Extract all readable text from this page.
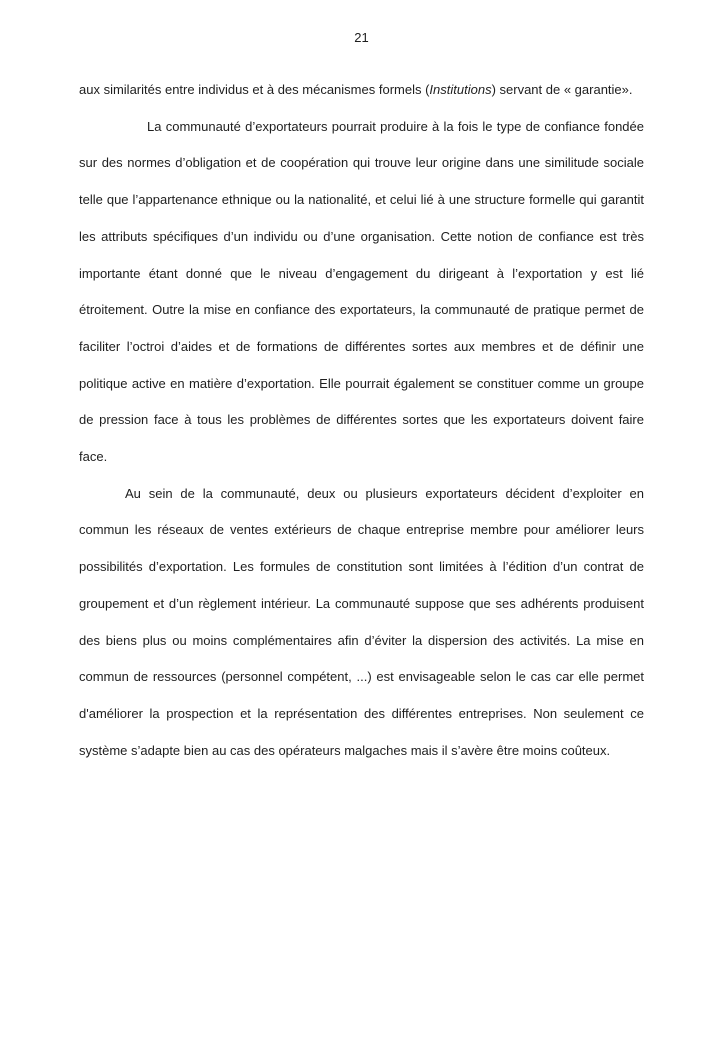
21

aux similarités entre individus et à des mécanismes formels (Institutions) servant de « garantie».

La communauté d’exportateurs pourrait produire à la fois le type de confiance fondée sur des normes d’obligation et de coopération qui trouve leur origine dans une similitude sociale telle que l’appartenance ethnique ou la nationalité, et celui lié à une structure formelle qui garantit les attributs spécifiques d’un individu ou d’une organisation. Cette notion de confiance est très importante étant donné que le niveau d’engagement du dirigeant à l’exportation y est lié étroitement. Outre la mise en confiance des exportateurs, la communauté de pratique permet de faciliter l’octroi d’aides et de formations de différentes sortes aux membres et de définir une politique active en matière d’exportation. Elle pourrait également se constituer comme un groupe de pression face à tous les problèmes de différentes sortes que les exportateurs doivent faire face.

Au sein de la communauté, deux ou plusieurs exportateurs décident d’exploiter en commun les réseaux de ventes extérieurs de chaque entreprise membre pour améliorer leurs possibilités d’exportation. Les formules de constitution sont limitées à l’édition d’un contrat de groupement et d’un règlement intérieur. La communauté suppose que ses adhérents produisent des biens plus ou moins complémentaires afin d’éviter la dispersion des activités. La mise en commun de ressources (personnel compétent, ...) est envisageable selon le cas car elle permet d'améliorer la prospection et la représentation des différentes entreprises. Non seulement ce système s’adapte bien au cas des opérateurs malgaches mais il s’avère être moins coûteux.
